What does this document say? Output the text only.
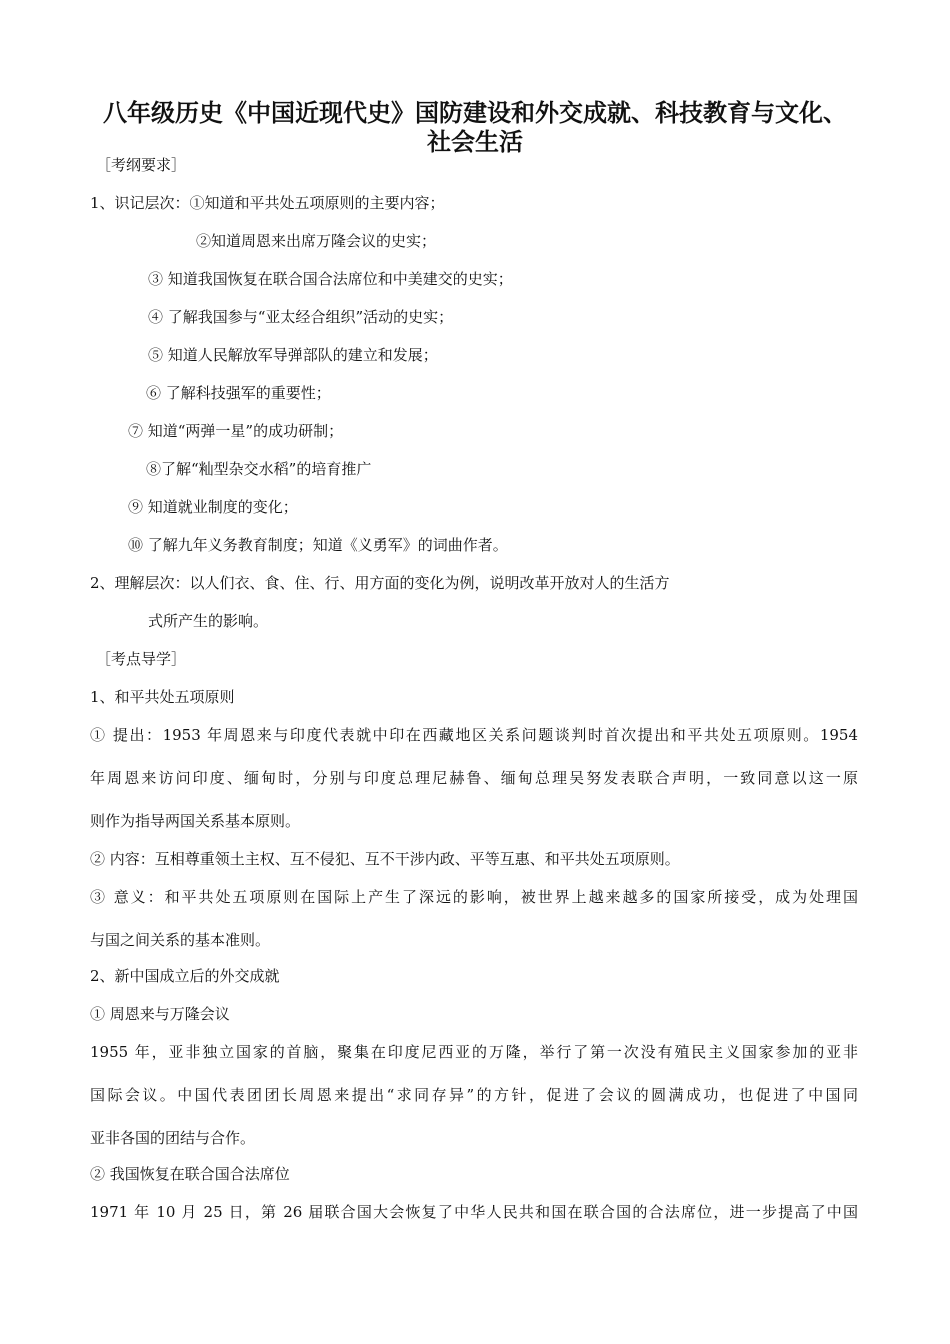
八年级历史《中国近现代史》国防建设和外交成就、科技教育与文化、
社会生活

［考纲要求］

1、识记层次：①知道和平共处五项原则的主要内容；

②知道周恩来出席万隆会议的史实；

③ 知道我国恢复在联合国合法席位和中美建交的史实；

④ 了解我国参与“亚太经合组织”活动的史实；

⑤ 知道人民解放军导弹部队的建立和发展；

⑥ 了解科技强军的重要性；

⑦ 知道“两弹一星”的成功研制；

⑧了解“籼型杂交水稻”的培育推广

⑨ 知道就业制度的变化；

⑩ 了解九年义务教育制度；知道《义勇军》的词曲作者。

2、理解层次：以人们衣、食、住、行、用方面的变化为例，说明改革开放对人的生活方

式所产生的影响。

［考点导学］

1、和平共处五项原则

① 提出：1953 年周恩来与印度代表就中印在西藏地区关系问题谈判时首次提出和平共处五项原则。1954

年周恩来访问印度、缅甸时，分别与印度总理尼赫鲁、缅甸总理吴努发表联合声明，一致同意以这一原

则作为指导两国关系基本原则。

② 内容：互相尊重领土主权、互不侵犯、互不干涉内政、平等互惠、和平共处五项原则。

③ 意义：和平共处五项原则在国际上产生了深远的影响，被世界上越来越多的国家所接受，成为处理国

与国之间关系的基本准则。

2、新中国成立后的外交成就

① 周恩来与万隆会议

1955 年，亚非独立国家的首脑，聚集在印度尼西亚的万隆，举行了第一次没有殖民主义国家参加的亚非

国际会议。中国代表团团长周恩来提出“求同存异”的方针，促进了会议的圆满成功，也促进了中国同

亚非各国的团结与合作。

② 我国恢复在联合国合法席位

1971 年 10 月 25 日，第 26 届联合国大会恢复了中华人民共和国在联合国的合法席位，进一步提高了中国
